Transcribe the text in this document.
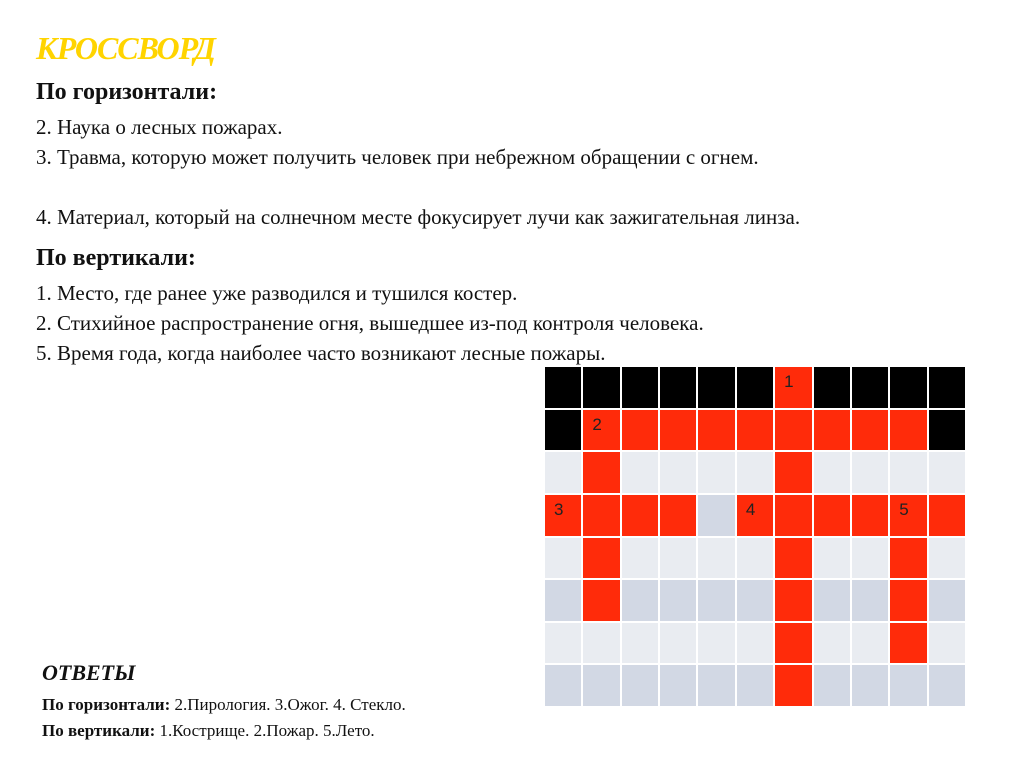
КРОССВОРД

По горизонтали:

2. Наука о лесных пожарах.

3. Травма, которую может получить человек при небрежном обращении с огнем.

4. Материал, который на солнечном месте фокусирует лучи как зажигательная линза.

По вертикали:

1. Место, где ранее уже разводился и тушился костер.

2. Стихийное распространение огня, вышедшее из-под контроля человека.

5. Время года, когда наиболее часто возникают лесные пожары.

1
2
3	4	5

ОТВЕТЫ

По горизонтали: 2.Пирология. 3.Ожог. 4. Стекло.

По вертикали: 1.Кострище. 2.Пожар. 5.Лето.
